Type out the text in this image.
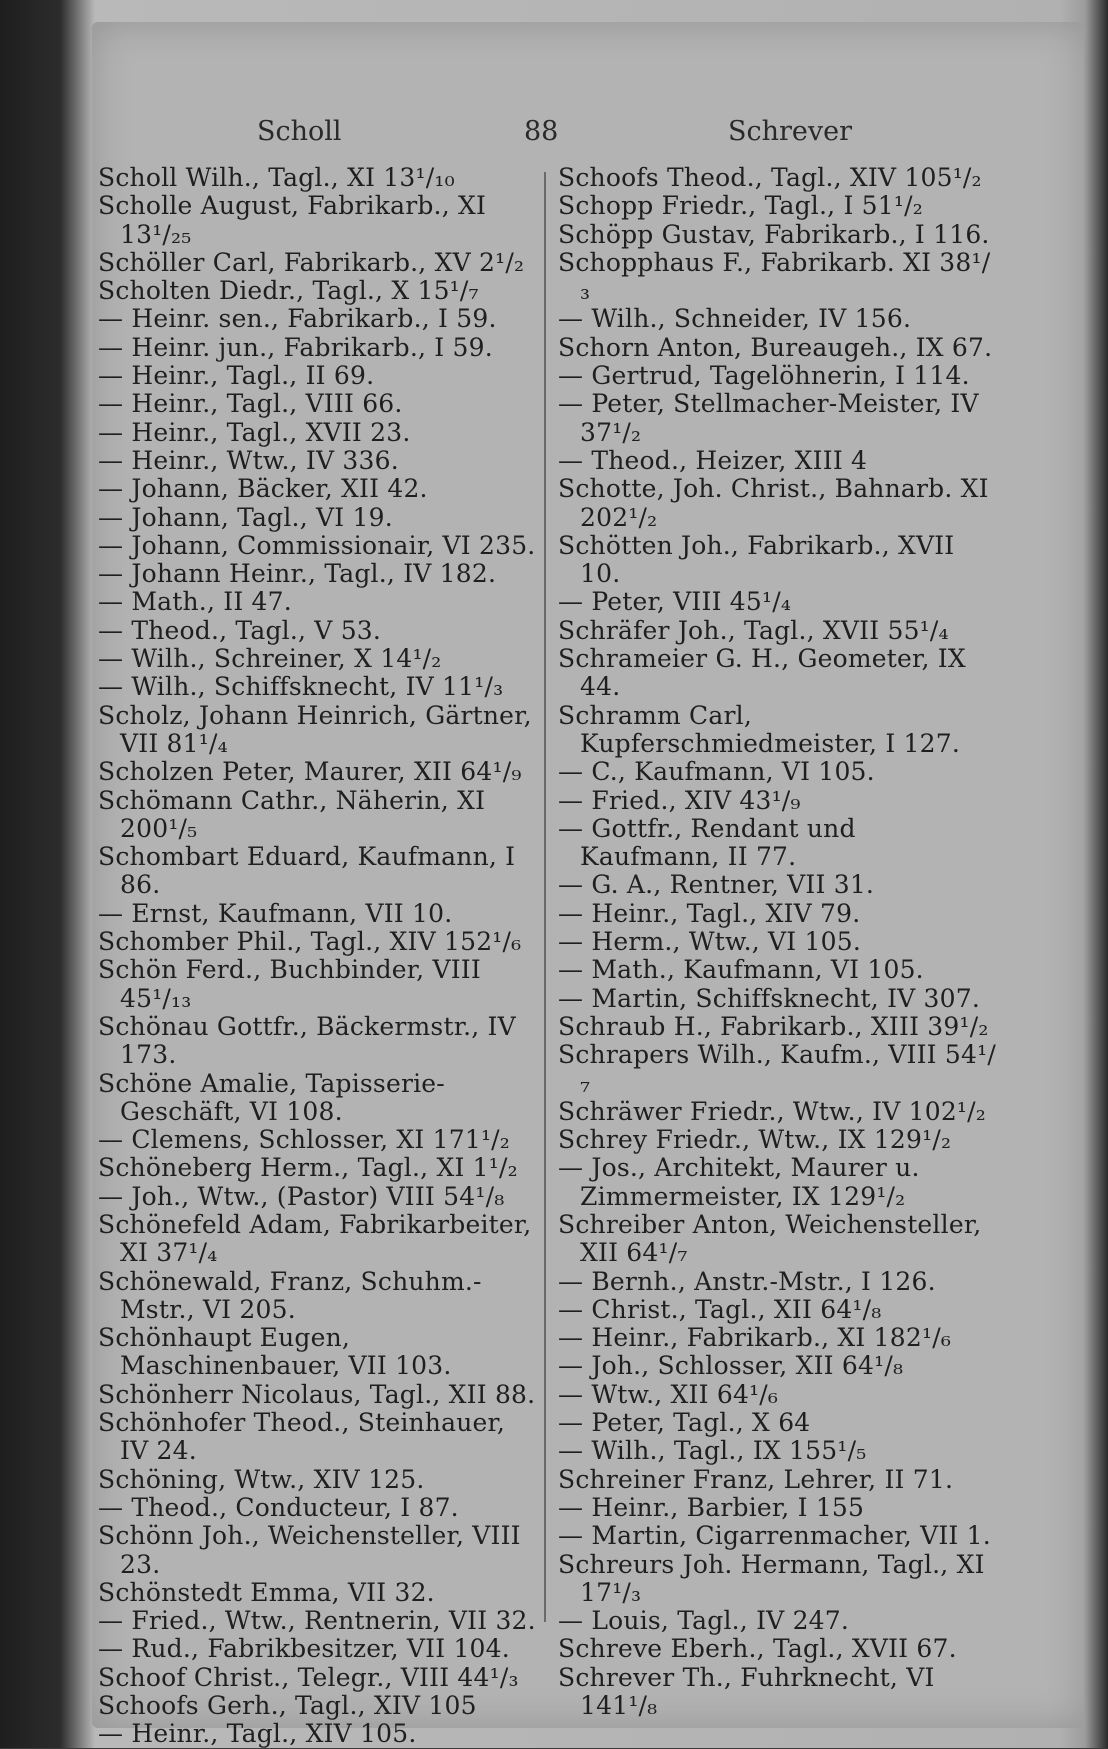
Scholl	88	Schrever
Scholl Wilh., Tagl., XI 13¹/₁₀
Scholle August, Fabrikarb., XI 13¹/₂₅
Schöller Carl, Fabrikarb., XV 2¹/₂
Scholten Diedr., Tagl., X 15¹/₇
— Heinr. sen., Fabrikarb., I 59.
— Heinr. jun., Fabrikarb., I 59.
— Heinr., Tagl., II 69.
— Heinr., Tagl., VIII 66.
— Heinr., Tagl., XVII 23.
— Heinr., Wtw., IV 336.
— Johann, Bäcker, XII 42.
— Johann, Tagl., VI 19.
— Johann, Commissionair, VI 235.
— Johann Heinr., Tagl., IV 182.
— Math., II 47.
— Theod., Tagl., V 53.
— Wilh., Schreiner, X 14¹/₂
— Wilh., Schiffsknecht, IV 11¹/₃
Scholz, Johann Heinrich, Gärtner, VII 81¹/₄
Scholzen Peter, Maurer, XII 64¹/₉
Schömann Cathr., Näherin, XI 200¹/₅
Schombart Eduard, Kaufmann, I 86.
— Ernst, Kaufmann, VII 10.
Schomber Phil., Tagl., XIV 152¹/₆
Schön Ferd., Buchbinder, VIII 45¹/₁₃
Schönau Gottfr., Bäckermstr., IV 173.
Schöne Amalie, Tapisserie-Geschäft, VI 108.
— Clemens, Schlosser, XI 171¹/₂
Schöneberg Herm., Tagl., XI 1¹/₂
— Joh., Wtw., (Pastor) VIII 54¹/₈
Schönefeld Adam, Fabrikarbeiter, XI 37¹/₄
Schönewald, Franz, Schuhm.-Mstr., VI 205.
Schönhaupt Eugen, Maschinenbauer, VII 103.
Schönherr Nicolaus, Tagl., XII 88.
Schönhofer Theod., Steinhauer, IV 24.
Schöning, Wtw., XIV 125.
— Theod., Conducteur, I 87.
Schönn Joh., Weichensteller, VIII 23.
Schönstedt Emma, VII 32.
— Fried., Wtw., Rentnerin, VII 32.
— Rud., Fabrikbesitzer, VII 104.
Schoof Christ., Telegr., VIII 44¹/₃
Schoofs Gerh., Tagl., XIV 105
— Heinr., Tagl., XIV 105.
Schoofs Theod., Tagl., XIV 105¹/₂
Schopp Friedr., Tagl., I 51¹/₂
Schöpp Gustav, Fabrikarb., I 116.
Schopphaus F., Fabrikarb. XI 38¹/₃
— Wilh., Schneider, IV 156.
Schorn Anton, Bureaugeh., IX 67.
— Gertrud, Tagelöhnerin, I 114.
— Peter, Stellmacher-Meister, IV 37¹/₂
— Theod., Heizer, XIII 4
Schotte, Joh. Christ., Bahnarb. XI 202¹/₂
Schötten Joh., Fabrikarb., XVII 10.
— Peter, VIII 45¹/₄
Schräfer Joh., Tagl., XVII 55¹/₄
Schrameier G. H., Geometer, IX 44.
Schramm Carl, Kupferschmiedmeister, I 127.
— C., Kaufmann, VI 105.
— Fried., XIV 43¹/₉
— Gottfr., Rendant und Kaufmann, II 77.
— G. A., Rentner, VII 31.
— Heinr., Tagl., XIV 79.
— Herm., Wtw., VI 105.
— Math., Kaufmann, VI 105.
— Martin, Schiffsknecht, IV 307.
Schraub H., Fabrikarb., XIII 39¹/₂
Schrapers Wilh., Kaufm., VIII 54¹/₇
Schräwer Friedr., Wtw., IV 102¹/₂
Schrey Friedr., Wtw., IX 129¹/₂
— Jos., Architekt, Maurer u. Zimmermeister, IX 129¹/₂
Schreiber Anton, Weichensteller, XII 64¹/₇
— Bernh., Anstr.-Mstr., I 126.
— Christ., Tagl., XII 64¹/₈
— Heinr., Fabrikarb., XI 182¹/₆
— Joh., Schlosser, XII 64¹/₈
— Wtw., XII 64¹/₆
— Peter, Tagl., X 64
— Wilh., Tagl., IX 155¹/₅
Schreiner Franz, Lehrer, II 71.
— Heinr., Barbier, I 155
— Martin, Cigarrenmacher, VII 1.
Schreurs Joh. Hermann, Tagl., XI 17¹/₃
— Louis, Tagl., IV 247.
Schreve Eberh., Tagl., XVII 67.
Schrever Th., Fuhrknecht, VI 141¹/₈
